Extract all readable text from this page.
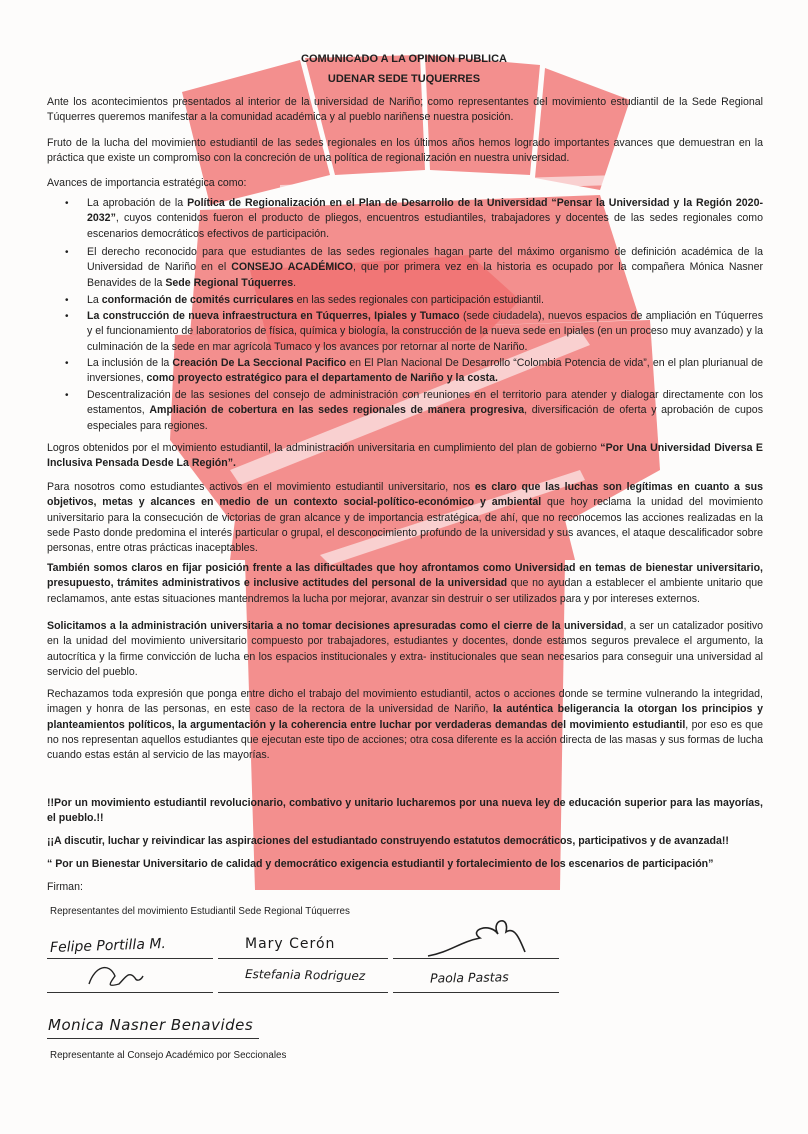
COMUNICADO A LA OPINION PUBLICA
UDENAR SEDE TUQUERRES
Ante los acontecimientos presentados al interior de la universidad de Nariño; como representantes del movimiento estudiantil de la Sede Regional Túquerres queremos manifestar a la comunidad académica y al pueblo nariñense nuestra posición.
Fruto de la lucha del movimiento estudiantil de las sedes regionales en los últimos años hemos logrado importantes avances que demuestran en la práctica que existe un compromiso con la concreción de una política de regionalización en nuestra universidad.
Avances de importancia estratégica como:
• La aprobación de la Política de Regionalización en el Plan de Desarrollo de la Universidad “Pensar la Universidad y la Región 2020-2032”, cuyos contenidos fueron el producto de pliegos, encuentros estudiantiles, trabajadores y docentes de las sedes regionales como escenarios democráticos efectivos de participación.
• El derecho reconocido para que estudiantes de las sedes regionales hagan parte del máximo organismo de definición académica de la Universidad de Nariño en el CONSEJO ACADÉMICO, que por primera vez en la historia es ocupado por la compañera Mónica Nasner Benavides de la Sede Regional Túquerres.
• La conformación de comités curriculares en las sedes regionales con participación estudiantil.
• La construcción de nueva infraestructura en Túquerres, Ipiales y Tumaco (sede ciudadela), nuevos espacios de ampliación en Túquerres y el funcionamiento de laboratorios de física, química y biología, la construcción de la nueva sede en Ipiales (en un proceso muy avanzado) y la culminación de la sede en mar agrícola Tumaco y los avances por retornar al norte de Nariño.
• La inclusión de la Creación De La Seccional Pacifico en El Plan Nacional De Desarrollo “Colombia Potencia de vida”, en el plan plurianual de inversiones, como proyecto estratégico para el departamento de Nariño y la costa.
• Descentralización de las sesiones del consejo de administración con reuniones en el territorio para atender y dialogar directamente con los estamentos, Ampliación de cobertura en las sedes regionales de manera progresiva, diversificación de oferta y aprobación de cupos especiales para regiones.
Logros obtenidos por el movimiento estudiantil, la administración universitaria en cumplimiento del plan de gobierno “Por Una Universidad Diversa E Inclusiva Pensada Desde La Región”.
Para nosotros como estudiantes activos en el movimiento estudiantil universitario, nos es claro que las luchas son legítimas en cuanto a sus objetivos, metas y alcances en medio de un contexto social-político-económico y ambiental que hoy reclama la unidad del movimiento universitario para la consecución de victorias de gran alcance y de importancia estratégica, de ahí, que no reconocemos las acciones realizadas en la sede Pasto donde predomina el interés particular o grupal, el desconocimiento profundo de la universidad y sus avances, el ataque descalificador sobre personas, entre otras prácticas inaceptables.
También somos claros en fijar posición frente a las dificultades que hoy afrontamos como Universidad en temas de bienestar universitario, presupuesto, trámites administrativos e inclusive actitudes del personal de la universidad que no ayudan a establecer el ambiente unitario que reclamamos, ante estas situaciones mantendremos la lucha por mejorar, avanzar sin destruir o ser utilizados para y por intereses externos.
Solicitamos a la administración universitaria a no tomar decisiones apresuradas como el cierre de la universidad, a ser un catalizador positivo en la unidad del movimiento universitario compuesto por trabajadores, estudiantes y docentes, donde estamos seguros prevalece el argumento, la autocrítica y la firme convicción de lucha en los espacios institucionales y extra- institucionales que sean necesarios para conseguir una universidad al servicio del pueblo.
Rechazamos toda expresión que ponga entre dicho el trabajo del movimiento estudiantil, actos o acciones donde se termine vulnerando la integridad, imagen y honra de las personas, en este caso de la rectora de la universidad de Nariño, la auténtica beligerancia la otorgan los principios y planteamientos políticos, la argumentación y la coherencia entre luchar por verdaderas demandas del movimiento estudiantil, por eso es que no nos representan aquellos estudiantes que ejecutan este tipo de acciones; otra cosa diferente es la acción directa de las masas y sus formas de lucha cuando estas están al servicio de las mayorías.
!!Por un movimiento estudiantil revolucionario, combativo y unitario lucharemos por una nueva ley de educación superior para las mayorías, el pueblo.!!
¡¡A discutir, luchar y reivindicar las aspiraciones del estudiantado construyendo estatutos democráticos, participativos y de avanzada!!
“ Por un Bienestar Universitario de calidad y democrático exigencia estudiantil y fortalecimiento de los escenarios de participación”
Firman:
Representantes del movimiento Estudiantil Sede Regional Túquerres
Felipe Portilla M.	Mary Cerón
Estefania Rodriguez	Paola Pastas
Monica Nasner Benavides
Representante al Consejo Académico por Seccionales
